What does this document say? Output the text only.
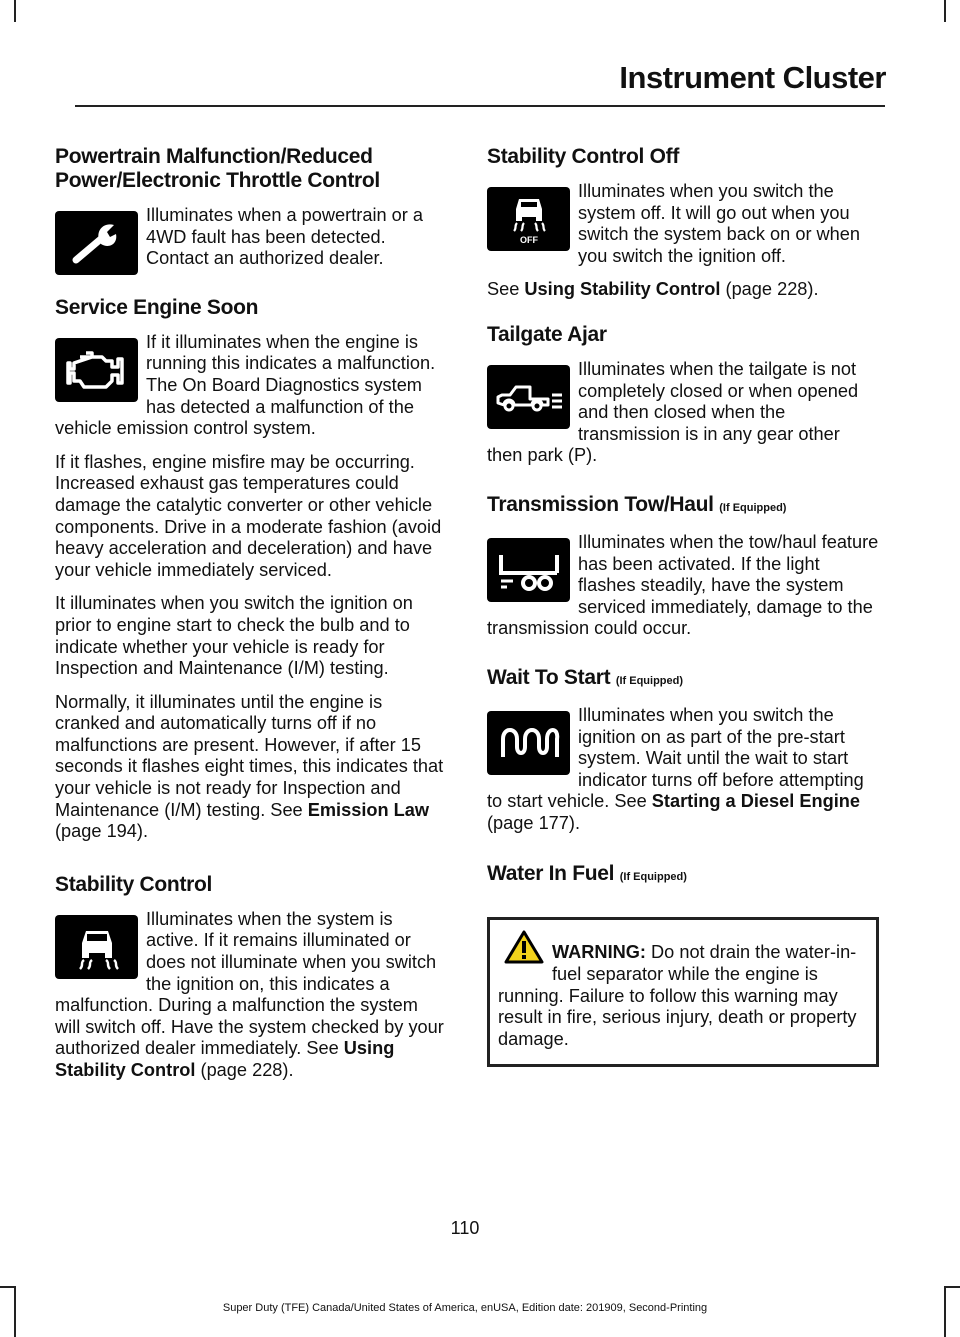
Instrument Cluster
Powertrain Malfunction/Reduced Power/Electronic Throttle Control

Illuminates when a powertrain or a 4WD fault has been detected. Contact an authorized dealer.

Service Engine Soon

If it illuminates when the engine is running this indicates a malfunction. The On Board Diagnostics system has detected a malfunction of the vehicle emission control system.

If it flashes, engine misfire may be occurring. Increased exhaust gas temperatures could damage the catalytic converter or other vehicle components. Drive in a moderate fashion (avoid heavy acceleration and deceleration) and have your vehicle immediately serviced.

It illuminates when you switch the ignition on prior to engine start to check the bulb and to indicate whether your vehicle is ready for Inspection and Maintenance (I/M) testing.

Normally, it illuminates until the engine is cranked and automatically turns off if no malfunctions are present. However, if after 15 seconds it flashes eight times, this indicates that your vehicle is not ready for Inspection and Maintenance (I/M) testing. See Emission Law (page 194).

Stability Control

Illuminates when the system is active. If it remains illuminated or does not illuminate when you switch the ignition on, this indicates a malfunction. During a malfunction the system will switch off. Have the system checked by your authorized dealer immediately. See Using Stability Control (page 228).

Stability Control Off
OFF

Illuminates when you switch the system off. It will go out when you switch the system back on or when you switch the ignition off.

See Using Stability Control (page 228).

Tailgate Ajar

Illuminates when the tailgate is not completely closed or when opened and then closed when the transmission is in any gear other then park (P).

Transmission Tow/Haul (If Equipped)

Illuminates when the tow/haul feature has been activated. If the light flashes steadily, have the system serviced immediately, damage to the transmission could occur.

Wait To Start (If Equipped)

Illuminates when you switch the ignition on as part of the pre-start system. Wait until the wait to start indicator turns off before attempting to start vehicle. See Starting a Diesel Engine (page 177).

Water In Fuel (If Equipped)
WARNING: Do not drain the water-in-fuel separator while the engine is running. Failure to follow this warning may result in fire, serious injury, death or property damage.
110
Super Duty (TFE) Canada/United States of America, enUSA, Edition date: 201909, Second-Printing
